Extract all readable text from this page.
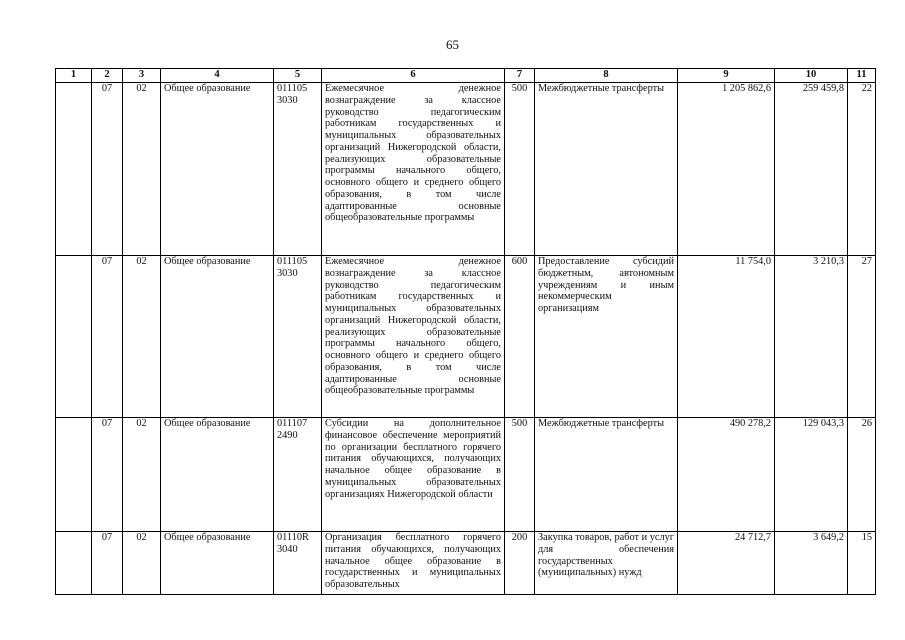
65
1	2	3	4	5	6	7	8	9	10	11
	07	02	Общее образование	011105 3030	Ежемесячное денежное вознаграждение за классное руководство педагогическим работникам государственных и муниципальных образовательных организаций Нижегородской области, реализующих образовательные программы начального общего, основного общего и среднего общего образования, в том числе адаптированные основные общеобразовательные программы	500	Межбюджетные трансферты	1 205 862,6	259 459,8	22
	07	02	Общее образование	011105 3030	Ежемесячное денежное вознаграждение за классное руководство педагогическим работникам государственных и муниципальных образовательных организаций Нижегородской области, реализующих образовательные программы начального общего, основного общего и среднего общего образования, в том числе адаптированные основные общеобразовательные программы	600	Предоставление субсидий бюджетным, автономным учреждениям и иным некоммерческим организациям	11 754,0	3 210,3	27
	07	02	Общее образование	011107 2490	Субсидии на дополнительное финансовое обеспечение мероприятий по организации бесплатного горячего питания обучающихся, получающих начальное общее образование в муниципальных образовательных организациях Нижегородской области	500	Межбюджетные трансферты	490 278,2	129 043,3	26
	07	02	Общее образование	01110R 3040	Организация бесплатного горячего питания обучающихся, получающих начальное общее образование в государственных и муниципальных образовательных	200	Закупка товаров, работ и услуг для обеспечения государственных (муниципальных) нужд	24 712,7	3 649,2	15
